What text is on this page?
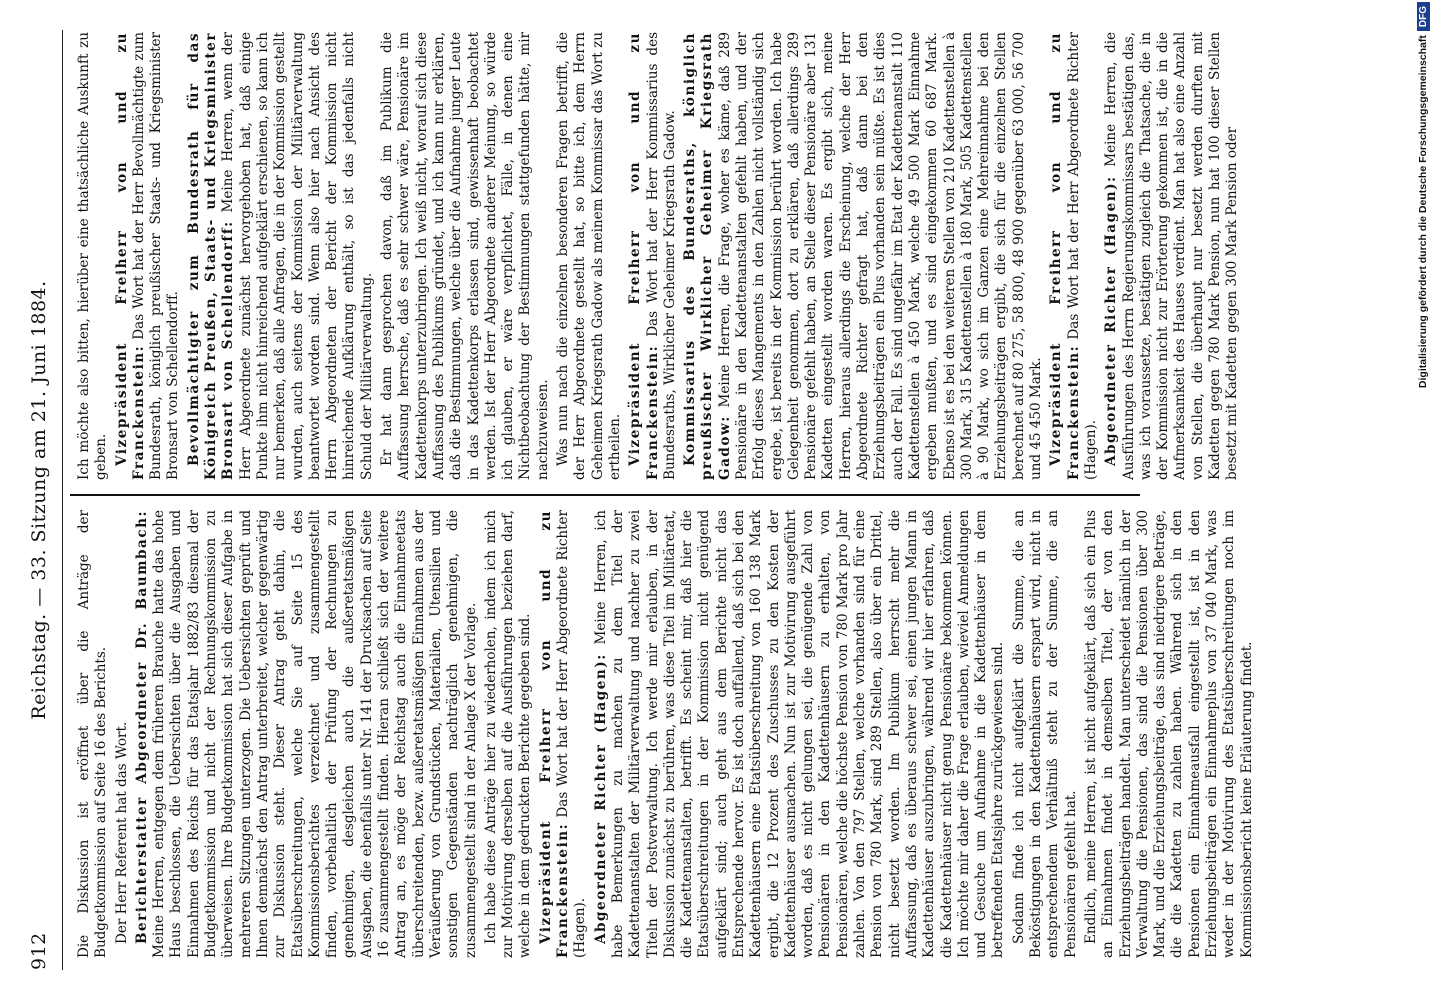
912
Reichstag. — 33. Sitzung am 21. Juni 1884.

Die Diskussion ist eröffnet über die Anträge der Budgetkommission auf Seite 16 des Berichts. Der Herr Referent hat das Wort. Berichterstatter Abgeordneter Dr. Baumbach: Meine Herren, entgegen dem früheren Brauche hatte das hohe Haus beschlossen, die Uebersichten über die Ausgaben und Einnahmen des Reichs für das Etatsjahr 1882/83 diesmal der Budgetkommission und nicht der Rechnungskommission zu überweisen. Ihre Budgetkommission hat sich dieser Aufgabe in mehreren Sitzungen unterzogen. Die Uebersichten geprüft und Ihnen demnächst den Antrag unterbreitet, welcher gegenwärtig zur Diskussion steht. Dieser Antrag geht dahin, die Etatsüberschreitungen, welche Sie auf Seite 15 des Kommissionsberichtes verzeichnet und zusammengestellt finden, vorbehaltlich der Prüfung der Rechnungen zu genehmigen, desgleichen auch die außeretatsmäßigen Ausgaben, die ebenfalls unter Nr. 141 der Drucksachen auf Seite 16 zusammengestellt finden. Hieran schließt sich der weitere Antrag an, es möge der Reichstag auch die Einnahmeetats überschreitenden, bezw. außeretatsmäßigen Einnahmen aus der Veräußerung von Grundstücken, Materialien, Utensilien und sonstigen Gegenständen nachträglich genehmigen, die zusammengestellt sind in der Anlage X der Vorlage. Ich habe diese Anträge hier zu wiederholen, indem ich mich zur Motivirung derselben auf die Ausführungen beziehen darf, welche in dem gedruckten Berichte gegeben sind. Vizepräsident Freiherr von und zu Franckenstein: Das Wort hat der Herr Abgeordnete Richter (Hagen). Abgeordneter Richter (Hagen): Meine Herren, ich habe Bemerkungen zu machen zu dem Titel der Kadettenanstalten der Militärverwaltung und nachher zu zwei Titeln der Postverwaltung. Ich werde mir erlauben, in der Diskussion zunächst zu berühren, was diese Titel im Militäretat, die Kadettenanstalten, betrifft. Es scheint mir, daß hier die Etatsüberschreitungen in der Kommission nicht genügend aufgeklärt sind; auch geht aus dem Berichte nicht das Entsprechende hervor. Es ist doch auffallend, daß sich bei den Kadettenhäusern eine Etatsüberschreitung von 160 138 Mark ergibt, die 12 Prozent des Zuschusses zu den Kosten der Kadettenhäuser ausmachen. Nun ist zur Motivirung ausgeführt worden, daß es nicht gelungen sei, die genügende Zahl von Pensionären in den Kadettenhäusern zu erhalten, von Pensionären, welche die höchste Pension von 780 Mark pro Jahr zahlen. Von den 797 Stellen, welche vorhanden sind für eine Pension von 780 Mark, sind 289 Stellen, also über ein Drittel, nicht besetzt worden. Im Publikum herrscht mehr die Auffassung, daß es überaus schwer sei, einen jungen Mann in Kadettenhäuser auszubringen, während wir hier erfahren, daß die Kadettenhäuser nicht genug Pensionäre bekommen können. Ich möchte mir daher die Frage erlauben, wieviel Anmeldungen und Gesuche um Aufnahme in die Kadettenhäuser in dem betreffenden Etatsjahre zurückgewiesen sind. Sodann finde ich nicht aufgeklärt die Summe, die an Beköstigungen in den Kadettenhäusern erspart wird, nicht in entsprechendem Verhältniß steht zu der Summe, die an Pensionären gefehlt hat. Endlich, meine Herren, ist nicht aufgeklärt, daß sich ein Plus an Einnahmen findet in demselben Titel, der von den Erziehungsbeiträgen handelt. Man unterscheidet nämlich in der Verwaltung die Pensionen, das sind die Pensionen über 300 Mark, und die Erziehungsbeiträge, das sind niedrigere Beträge, die die Kadetten zu zahlen haben. Während sich in den Pensionen ein Einnahmeausfall eingestellt ist, ist in den Erziehungsbeiträgen ein Einnahmeplus von 37 040 Mark, was weder in der Motivirung des Etatsüberschreitungen noch im Kommissionsbericht keine Erläuterung findet.

Ich möchte also bitten, hierüber eine thatsächliche Auskunft zu geben. Vizepräsident Freiherr von und zu Franckenstein: Das Wort hat der Herr Bevollmächtigte zum Bundesrath, königlich preußischer Staats- und Kriegsminister Bronsart von Schellendorff. Bevollmächtigter zum Bundesrath für das Königreich Preußen, Staats- und Kriegsminister Bronsart von Schellendorff: Meine Herren, wenn der Herr Abgeordnete zunächst hervorgehoben hat, daß einige Punkte ihm nicht hinreichend aufgeklärt erschienen, so kann ich nur bemerken, daß alle Anfragen, die in der Kommission gestellt wurden, auch seitens der Kommission der Militärverwaltung beantwortet worden sind. Wenn also hier nach Ansicht des Herrn Abgeordneten der Bericht der Kommission nicht hinreichende Aufklärung enthält, so ist das jedenfalls nicht Schuld der Militärverwaltung. Er hat dann gesprochen davon, daß im Publikum die Auffassung herrsche, daß es sehr schwer wäre, Pensionäre im Kadettenkorps unterzubringen. Ich weiß nicht, worauf sich diese Auffassung des Publikums gründet, und ich kann nur erklären, daß die Bestimmungen, welche über die Aufnahme junger Leute in das Kadettenkorps erlassen sind, gewissenhaft beobachtet werden. Ist der Herr Abgeordnete anderer Meinung, so würde ich glauben, er wäre verpflichtet, Fälle, in denen eine Nichtbeobachtung der Bestimmungen stattgefunden hätte, mir nachzuweisen. Was nun nach die einzelnen besonderen Fragen betrifft, die der Herr Abgeordnete gestellt hat, so bitte ich, dem Herrn Geheimen Kriegsrath Gadow als meinem Kommissar das Wort zu ertheilen. Vizepräsident Freiherr von und zu Franckenstein: Das Wort hat der Herr Kommissarius des Bundesraths, Wirklicher Geheimer Kriegsrath Gadow. Kommissarius des Bundesraths, königlich preußischer Wirklicher Geheimer Kriegsrath Gadow: Meine Herren, die Frage, woher es käme, daß 289 Pensionäre in den Kadettenanstalten gefehlt haben, und der Erfolg dieses Mangements in den Zahlen nicht vollständig sich ergebe, ist bereits in der Kommission berührt worden. Ich habe Gelegenheit genommen, dort zu erklären, daß allerdings 289 Pensionäre gefehlt haben, an Stelle dieser Pensionäre aber 131 Kadetten eingestellt worden waren. Es ergibt sich, meine Herren, hieraus allerdings die Erscheinung, welche der Herr Abgeordnete Richter gefragt hat, daß dann bei den Erziehungsbeiträgen ein Plus vorhanden sein müßte. Es ist dies auch der Fall. Es sind ungefähr im Etat der Kadettenanstalt 110 Kadettenstellen à 450 Mark, welche 49 500 Mark Einnahme ergeben mußten, und es sind eingekommen 60 687 Mark. Ebenso ist es bei den weiteren Stellen von 210 Kadettenstellen à 300 Mark, 315 Kadettenstellen à 180 Mark, 505 Kadettenstellen à 90 Mark, wo sich im Ganzen eine Mehreinnahme bei den Erziehungsbeiträgen ergibt, die sich für die einzelnen Stellen berechnet auf 80 275, 58 800, 48 900 gegenüber 63 000, 56 700 und 45 450 Mark. Vizepräsident Freiherr von und zu Franckenstein: Das Wort hat der Herr Abgeordnete Richter (Hagen). Abgeordneter Richter (Hagen): Meine Herren, die Ausführungen des Herrn Regierungskommissars bestätigen das, was ich voraussetze, bestätigen zugleich die Thatsache, die in der Kommission nicht zur Erörterung gekommen ist, die in die Aufmerksamkeit des Hauses verdient. Man hat also eine Anzahl von Stellen, die überhaupt nur besetzt werden durften mit Kadetten gegen 780 Mark Pension, nun hat 100 dieser Stellen besetzt mit Kadetten gegen 300 Mark Pension oder	Digitalisierung gefördert durch die Deutsche Forschungsgemeinschaft
DFG
